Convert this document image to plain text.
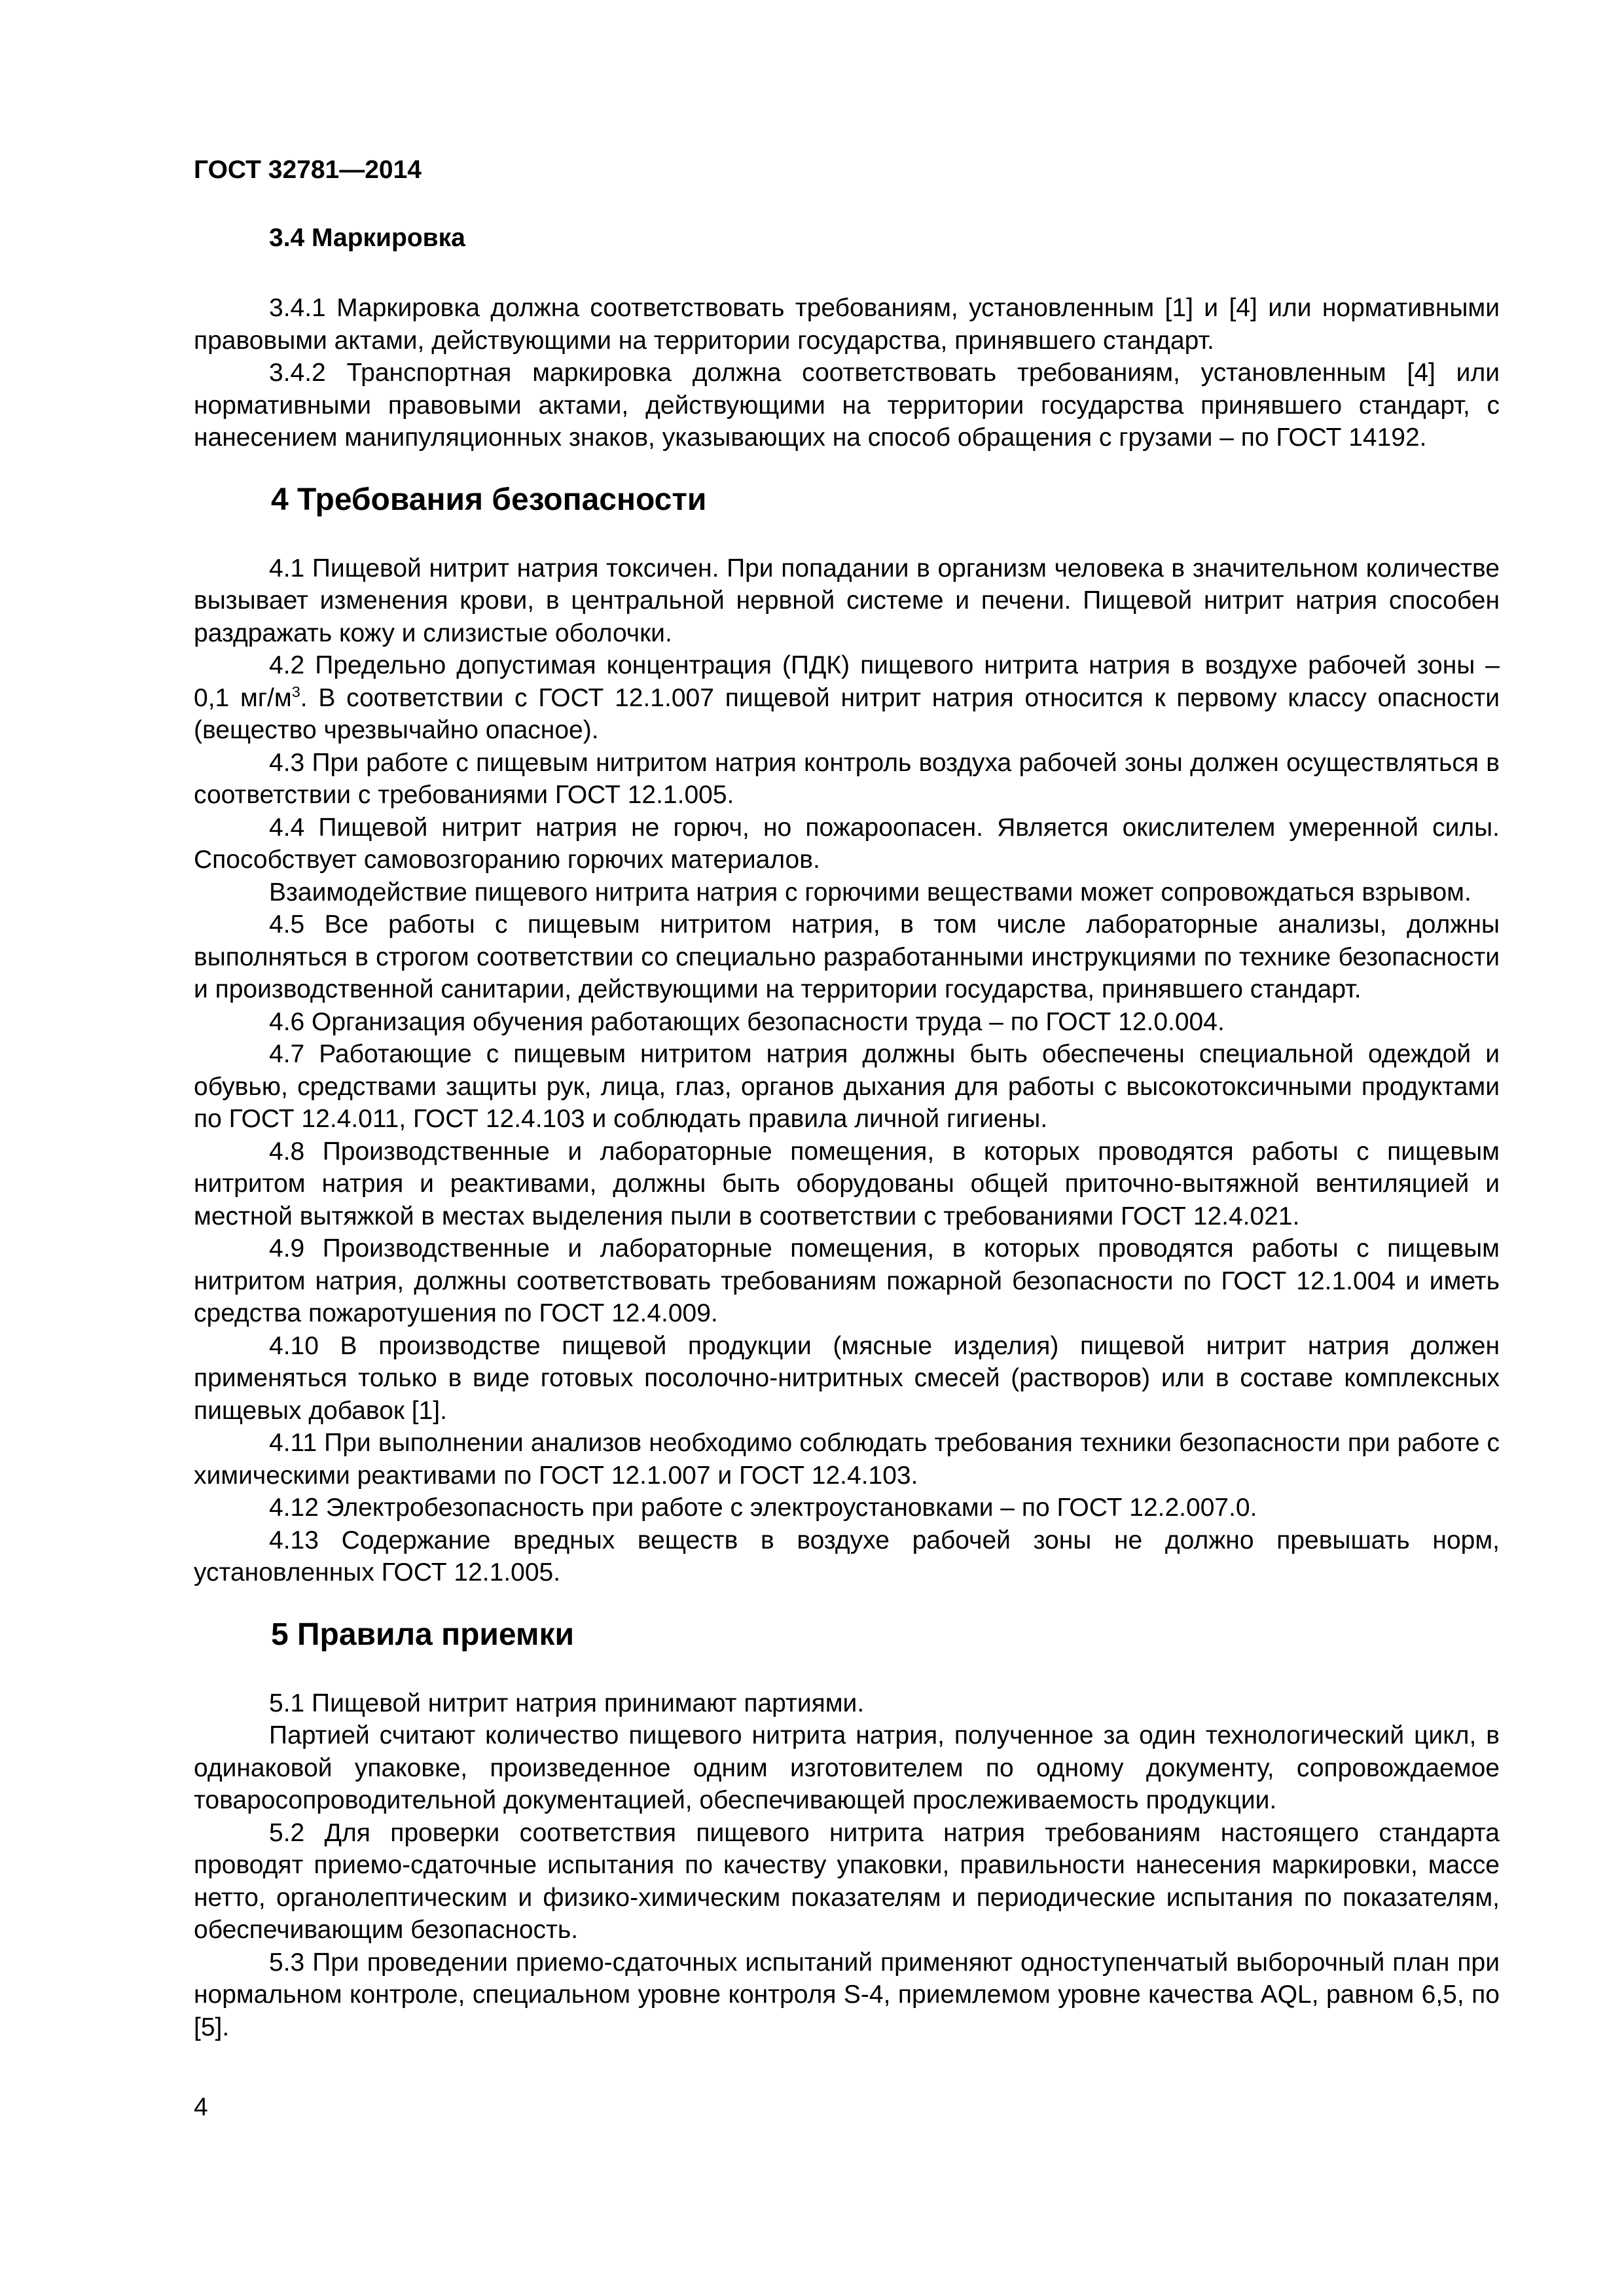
ГОСТ 32781—2014
3.4 Маркировка

3.4.1 Маркировка должна соответствовать требованиям, установленным [1] и [4] или нормативными правовыми актами, действующими на территории государства, принявшего стандарт.

3.4.2 Транспортная маркировка должна соответствовать требованиям, установленным [4] или нормативными правовыми актами, действующими на территории государства принявшего стандарт, с нанесением манипуляционных знаков, указывающих на способ обращения с грузами – по ГОСТ 14192.

4 Требования безопасности

4.1 Пищевой нитрит натрия токсичен. При попадании в организм человека в значительном количестве вызывает изменения крови, в центральной нервной системе и печени. Пищевой нитрит натрия способен раздражать кожу и слизистые оболочки.

4.2 Предельно допустимая концентрация (ПДК) пищевого нитрита натрия в воздухе рабочей зоны – 0,1 $мг/м^3$. В соответствии с ГОСТ 12.1.007 пищевой нитрит натрия относится к первому классу опасности (вещество чрезвычайно опасное).

4.3 При работе с пищевым нитритом натрия контроль воздуха рабочей зоны должен осуществляться в соответствии с требованиями ГОСТ 12.1.005.

4.4 Пищевой нитрит натрия не горюч, но пожароопасен. Является окислителем умеренной силы. Способствует самовозгоранию горючих материалов.

Взаимодействие пищевого нитрита натрия с горючими веществами может сопровождаться взрывом.

4.5 Все работы с пищевым нитритом натрия, в том числе лабораторные анализы, должны выполняться в строгом соответствии со специально разработанными инструкциями по технике безопасности и производственной санитарии, действующими на территории государства, принявшего стандарт.

4.6 Организация обучения работающих безопасности труда – по ГОСТ 12.0.004.

4.7 Работающие с пищевым нитритом натрия должны быть обеспечены специальной одеждой и обувью, средствами защиты рук, лица, глаз, органов дыхания для работы с высокотоксичными продуктами по ГОСТ 12.4.011, ГОСТ 12.4.103 и соблюдать правила личной гигиены.

4.8 Производственные и лабораторные помещения, в которых проводятся работы с пищевым нитритом натрия и реактивами, должны быть оборудованы общей приточно-вытяжной вентиляцией и местной вытяжкой в местах выделения пыли в соответствии с требованиями ГОСТ 12.4.021.

4.9 Производственные и лабораторные помещения, в которых проводятся работы с пищевым нитритом натрия, должны соответствовать требованиям пожарной безопасности по ГОСТ 12.1.004 и иметь средства пожаротушения по ГОСТ 12.4.009.

4.10 В производстве пищевой продукции (мясные изделия) пищевой нитрит натрия должен применяться только в виде готовых посолочно-нитритных смесей (растворов) или в составе комплексных пищевых добавок [1].

4.11 При выполнении анализов необходимо соблюдать требования техники безопасности при работе с химическими реактивами по ГОСТ 12.1.007 и ГОСТ 12.4.103.

4.12 Электробезопасность при работе с электроустановками – по ГОСТ 12.2.007.0.

4.13 Содержание вредных веществ в воздухе рабочей зоны не должно превышать норм, установленных ГОСТ 12.1.005.

5 Правила приемки

5.1 Пищевой нитрит натрия принимают партиями.

Партией считают количество пищевого нитрита натрия, полученное за один технологический цикл, в одинаковой упаковке, произведенное одним изготовителем по одному документу, сопровождаемое товаросопроводительной документацией, обеспечивающей прослеживаемость продукции.

5.2 Для проверки соответствия пищевого нитрита натрия требованиям настоящего стандарта проводят приемо-сдаточные испытания по качеству упаковки, правильности нанесения маркировки, массе нетто, органолептическим и физико-химическим показателям и периодические испытания по показателям, обеспечивающим безопасность.

5.3 При проведении приемо-сдаточных испытаний применяют одноступенчатый выборочный план при нормальном контроле, специальном уровне контроля S-4, приемлемом уровне качества AQL, равном 6,5, по [5].

4
